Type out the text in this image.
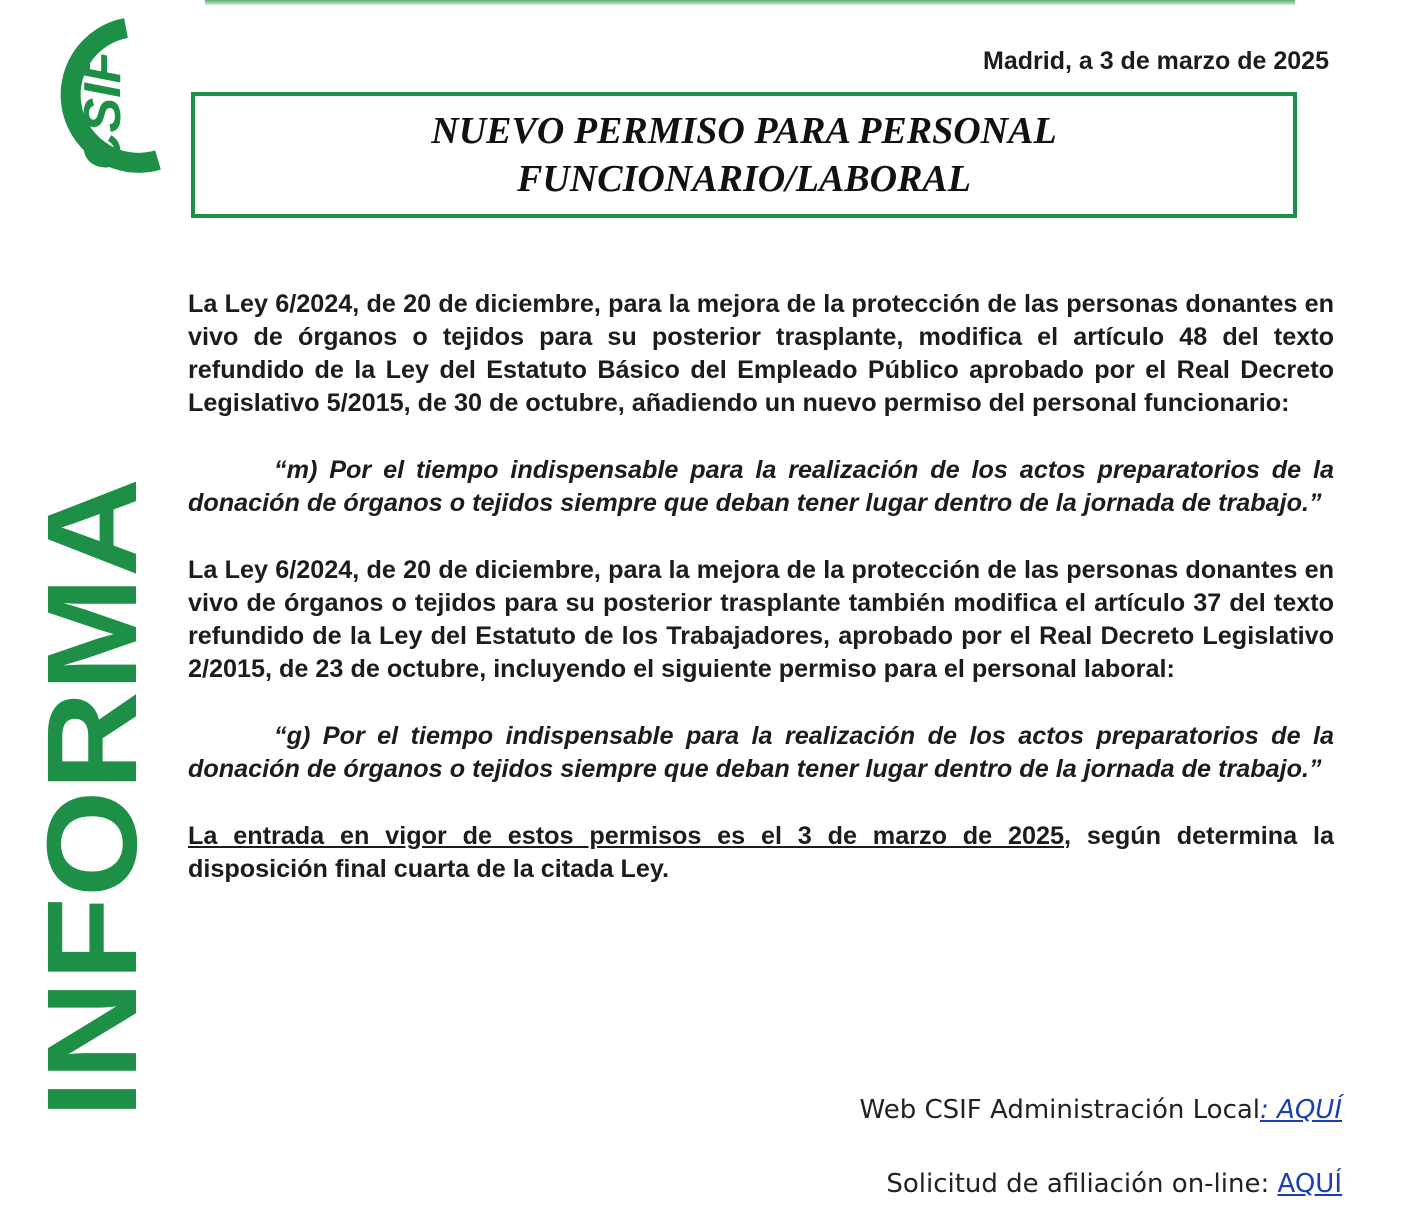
CSIF
INFORMA
Madrid, a 3 de marzo de 2025
NUEVO PERMISO PARA PERSONAL
FUNCIONARIO/LABORAL

La Ley 6/2024, de 20 de diciembre, para la mejora de la protección de las personas donantes en vivo de órganos o tejidos para su posterior trasplante, modifica el artículo 48 del texto refundido de la Ley del Estatuto Básico del Empleado Público aprobado por el Real Decreto Legislativo 5/2015, de 30 de octubre, añadiendo un nuevo permiso del personal funcionario:

“m) Por el tiempo indispensable para la realización de los actos preparatorios de la donación de órganos o tejidos siempre que deban tener lugar dentro de la jornada de trabajo.”

La Ley 6/2024, de 20 de diciembre, para la mejora de la protección de las personas donantes en vivo de órganos o tejidos para su posterior trasplante también modifica el artículo 37 del texto refundido de la Ley del Estatuto de los Trabajadores, aprobado por el Real Decreto Legislativo 2/2015, de 23 de octubre, incluyendo el siguiente permiso para el personal laboral:

“g) Por el tiempo indispensable para la realización de los actos preparatorios de la donación de órganos o tejidos siempre que deban tener lugar dentro de la jornada de trabajo.”

La entrada en vigor de estos permisos es el 3 de marzo de 2025, según determina la disposición final cuarta de la citada Ley.

Web CSIF Administración Local: AQUÍ
Solicitud de afiliación on-line: AQUÍ
